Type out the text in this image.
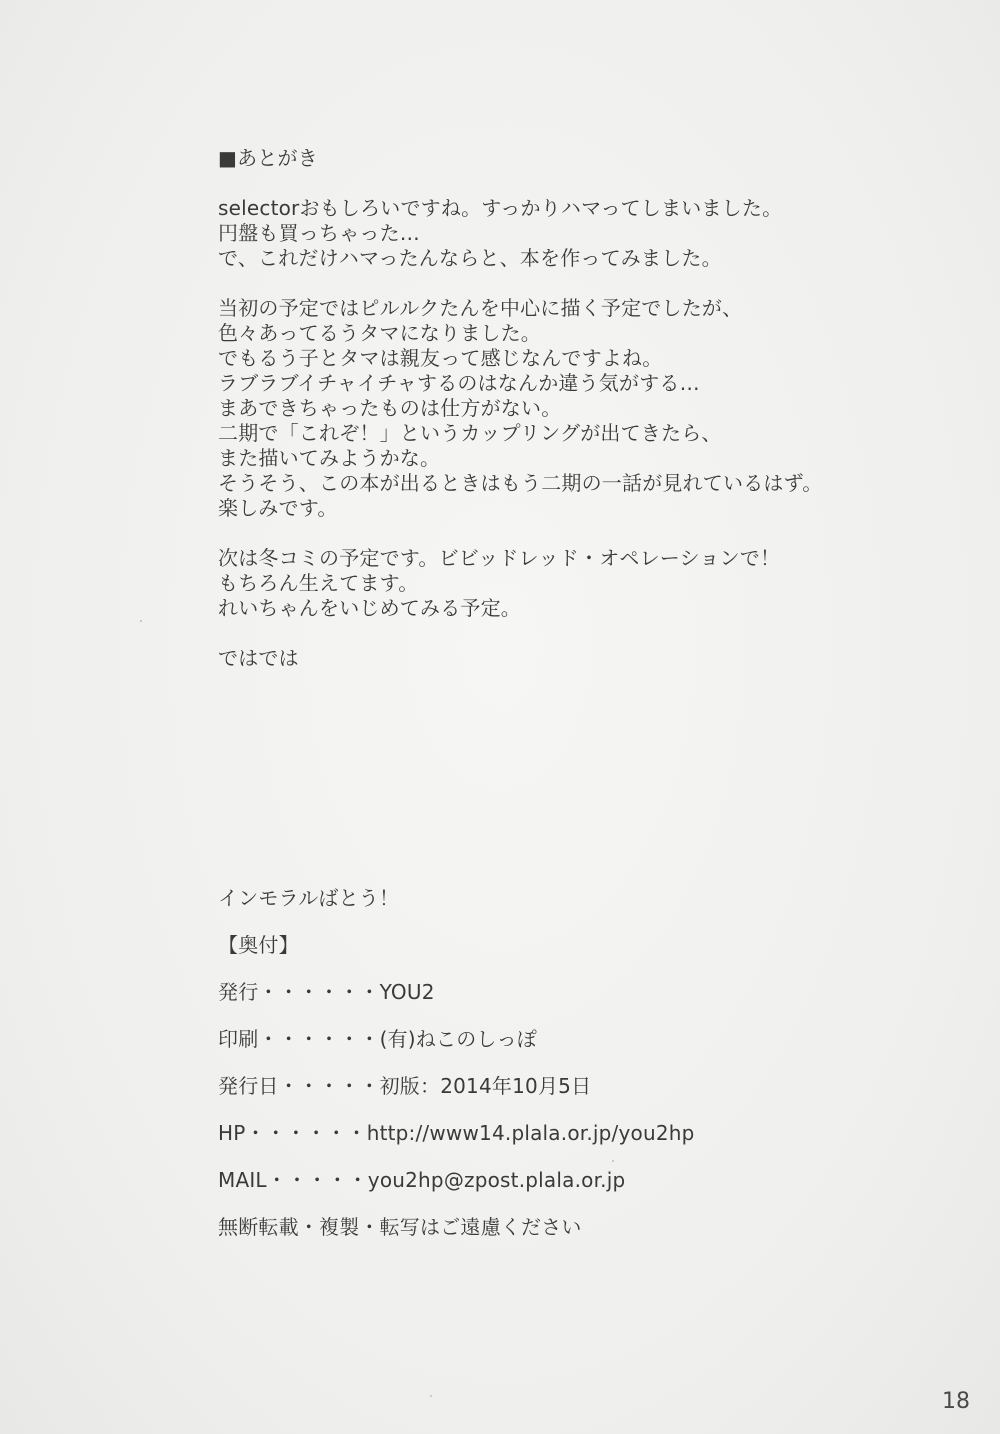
■あとがき
selectorおもしろいですね。すっかりハマってしまいました。
円盤も買っちゃった…
で、これだけハマったんならと、本を作ってみました。
当初の予定ではピルルクたんを中心に描く予定でしたが、
色々あってるうタマになりました。
でもるう子とタマは親友って感じなんですよね。
ラブラブイチャイチャするのはなんか違う気がする…
まあできちゃったものは仕方がない。
二期で「これぞ！」というカップリングが出てきたら、
また描いてみようかな。
そうそう、この本が出るときはもう二期の一話が見れているはず。
楽しみです。
次は冬コミの予定です。ビビッドレッド・オペレーションで！
もちろん生えてます。
れいちゃんをいじめてみる予定。
ではでは
インモラルばとう！
【奥付】
発行・・・・・・YOU2
印刷・・・・・・(有)ねこのしっぽ
発行日・・・・・初版：2014年10月5日
HP・・・・・・http://www14.plala.or.jp/you2hp
MAIL・・・・・you2hp@zpost.plala.or.jp
無断転載・複製・転写はご遠慮ください
18
